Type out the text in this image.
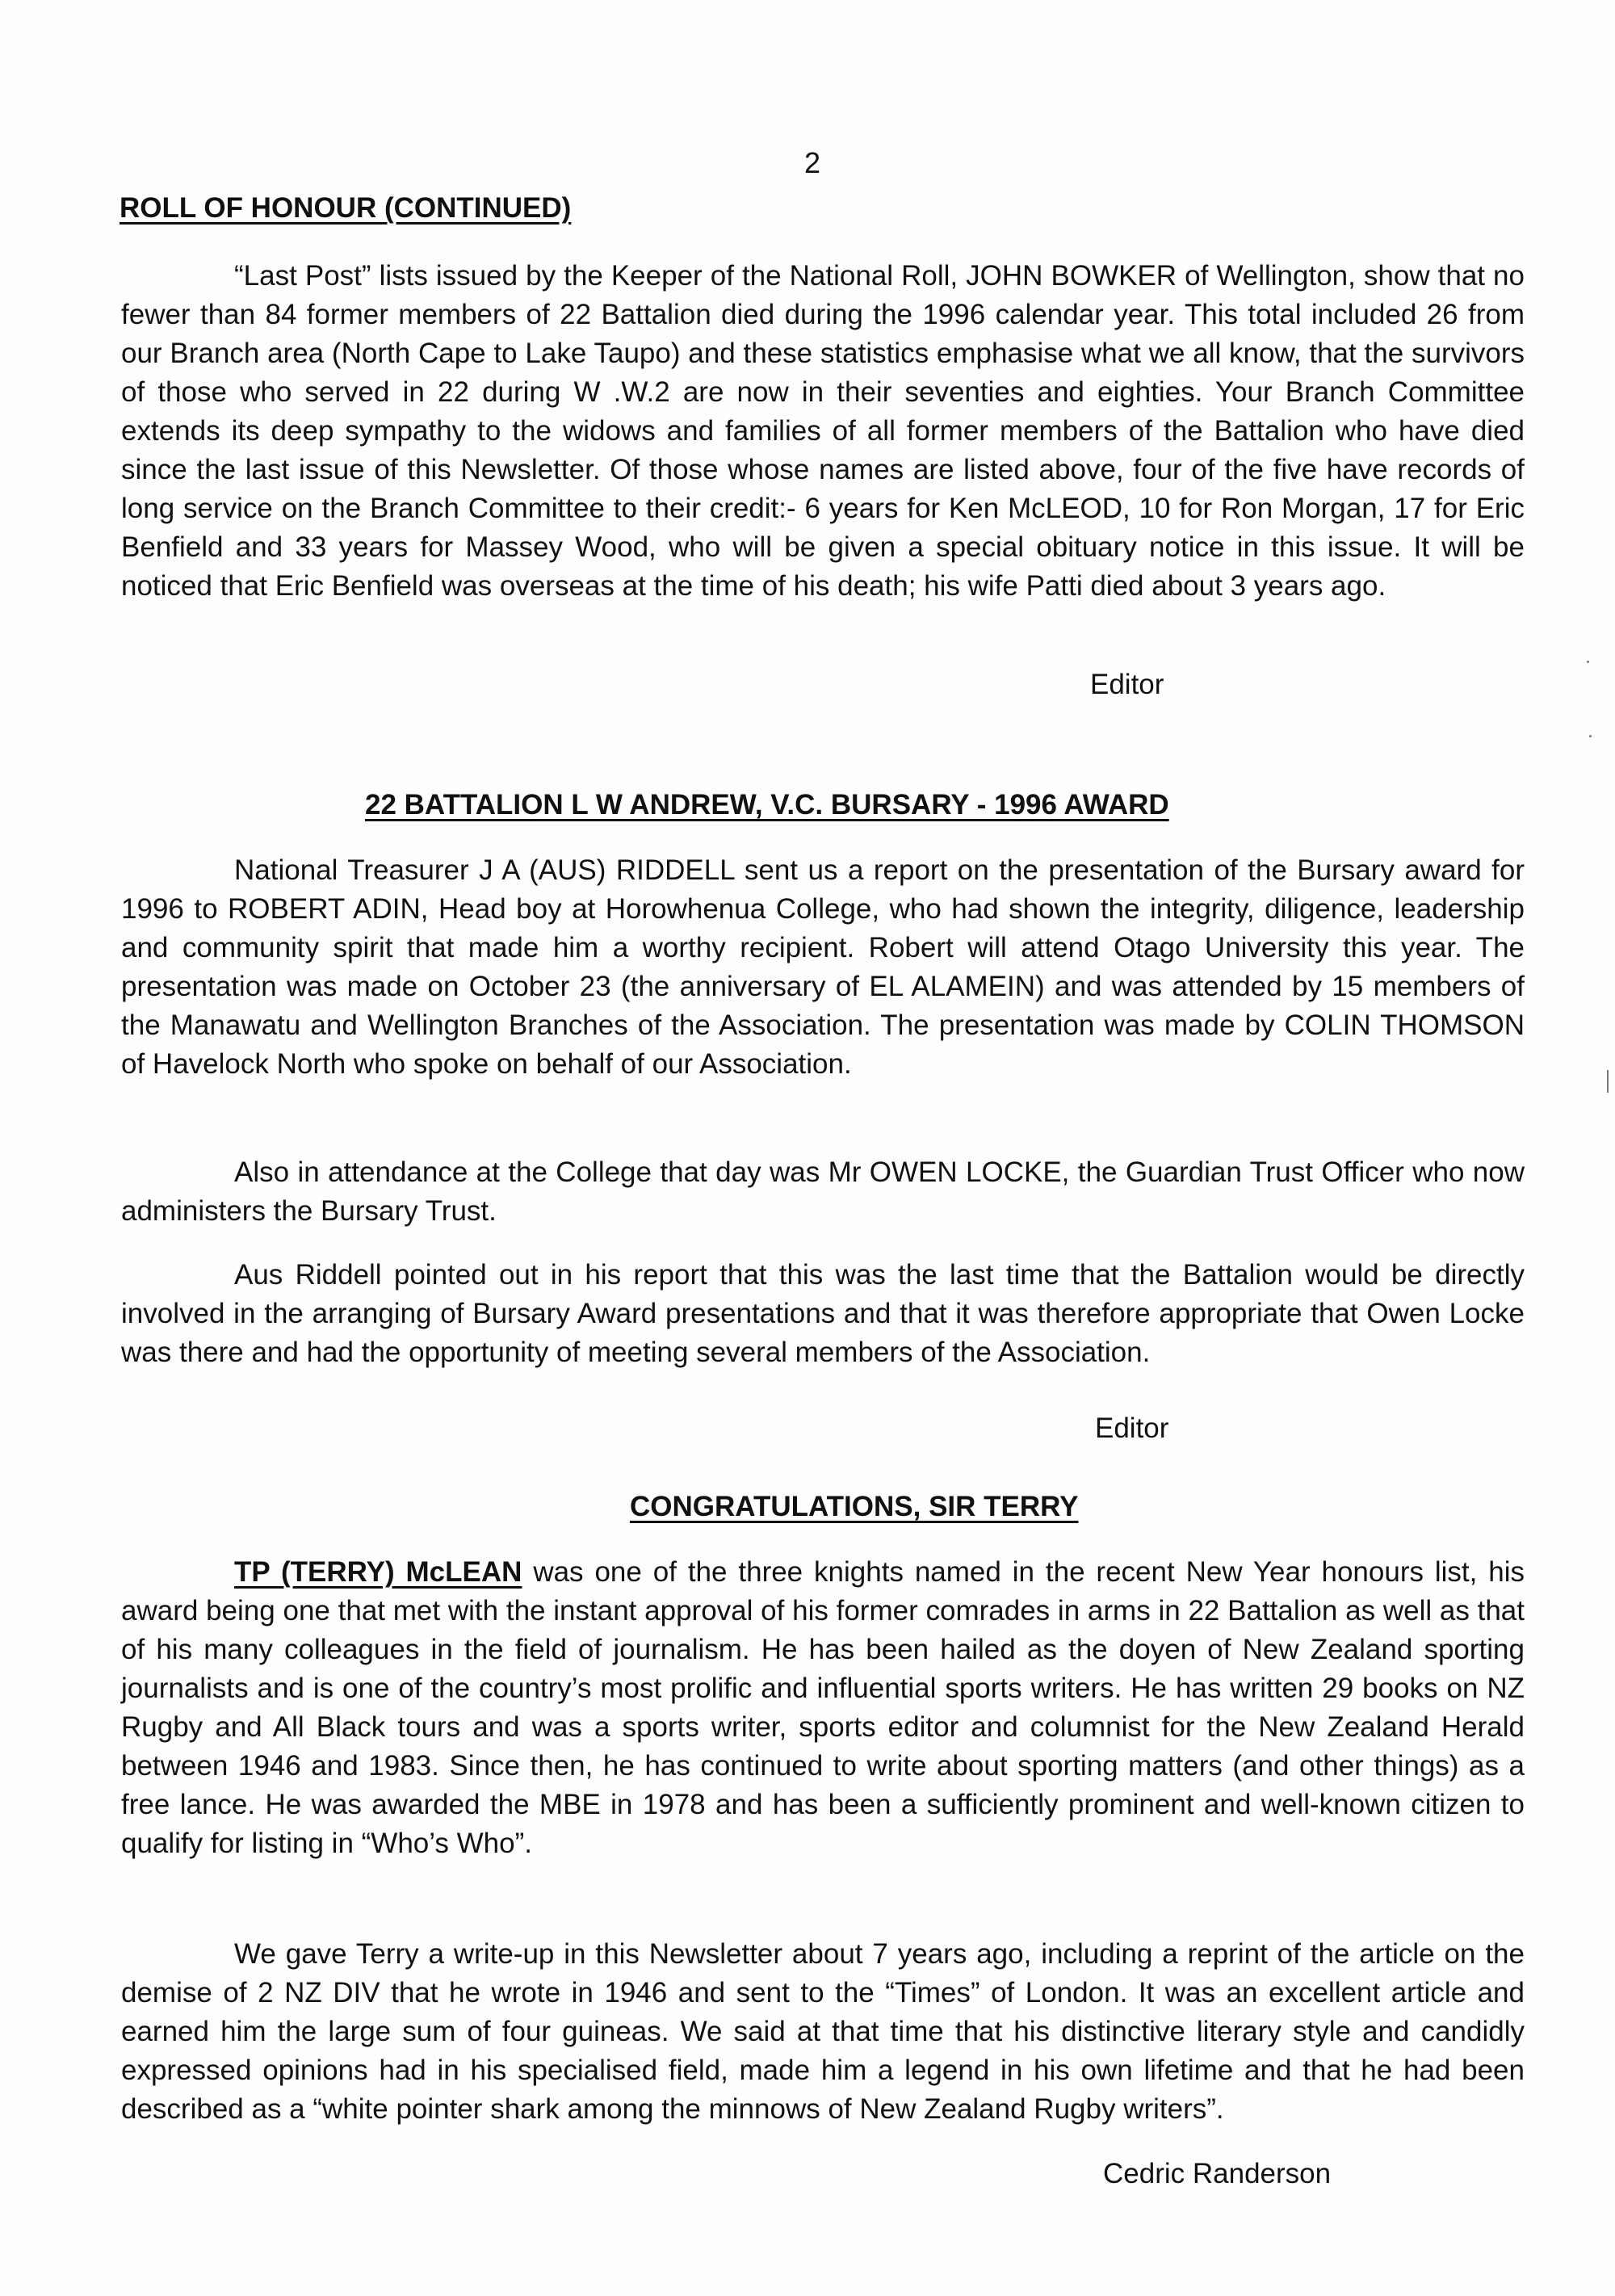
2
ROLL OF HONOUR (CONTINUED)

“Last Post” lists issued by the Keeper of the National Roll, JOHN BOWKER of Wellington, show that no fewer than 84 former members of 22 Battalion died during the 1996 calendar year. This total included 26 from our Branch area (North Cape to Lake Taupo) and these statistics emphasise what we all know, that the survivors of those who served in 22 during W .W.2 are now in their seventies and eighties. Your Branch Committee extends its deep sympathy to the widows and families of all former members of the Battalion who have died since the last issue of this Newsletter. Of those whose names are listed above, four of the five have records of long service on the Branch Committee to their credit:- 6 years for Ken McLEOD, 10 for Ron Morgan, 17 for Eric Benfield and 33 years for Massey Wood, who will be given a special obituary notice in this issue. It will be noticed that Eric Benfield was overseas at the time of his death; his wife Patti died about 3 years ago.

Editor
22 BATTALION L W ANDREW, V.C. BURSARY - 1996 AWARD

National Treasurer J A (AUS) RIDDELL sent us a report on the presentation of the Bursary award for 1996 to ROBERT ADIN, Head boy at Horowhenua College, who had shown the integrity, diligence, leadership and community spirit that made him a worthy recipient. Robert will attend Otago University this year. The presentation was made on October 23 (the anniversary of EL ALAMEIN) and was attended by 15 members of the Manawatu and Wellington Branches of the Association. The presentation was made by COLIN THOMSON of Havelock North who spoke on behalf of our Association.

Also in attendance at the College that day was Mr OWEN LOCKE, the Guardian Trust Officer who now administers the Bursary Trust.

Aus Riddell pointed out in his report that this was the last time that the Battalion would be directly involved in the arranging of Bursary Award presentations and that it was therefore appropriate that Owen Locke was there and had the opportunity of meeting several members of the Association.

Editor
CONGRATULATIONS, SIR TERRY

TP (TERRY) McLEAN was one of the three knights named in the recent New Year honours list, his award being one that met with the instant approval of his former comrades in arms in 22 Battalion as well as that of his many colleagues in the field of journalism. He has been hailed as the doyen of New Zealand sporting journalists and is one of the country’s most prolific and influential sports writers. He has written 29 books on NZ Rugby and All Black tours and was a sports writer, sports editor and columnist for the New Zealand Herald between 1946 and 1983. Since then, he has continued to write about sporting matters (and other things) as a free lance. He was awarded the MBE in 1978 and has been a sufficiently prominent and well-known citizen to qualify for listing in “Who’s Who”.

We gave Terry a write-up in this Newsletter about 7 years ago, including a reprint of the article on the demise of 2 NZ DIV that he wrote in 1946 and sent to the “Times” of London. It was an excellent article and earned him the large sum of four guineas. We said at that time that his distinctive literary style and candidly expressed opinions had in his specialised field, made him a legend in his own lifetime and that he had been described as a “white pointer shark among the minnows of New Zealand Rugby writers”.

Cedric Randerson
